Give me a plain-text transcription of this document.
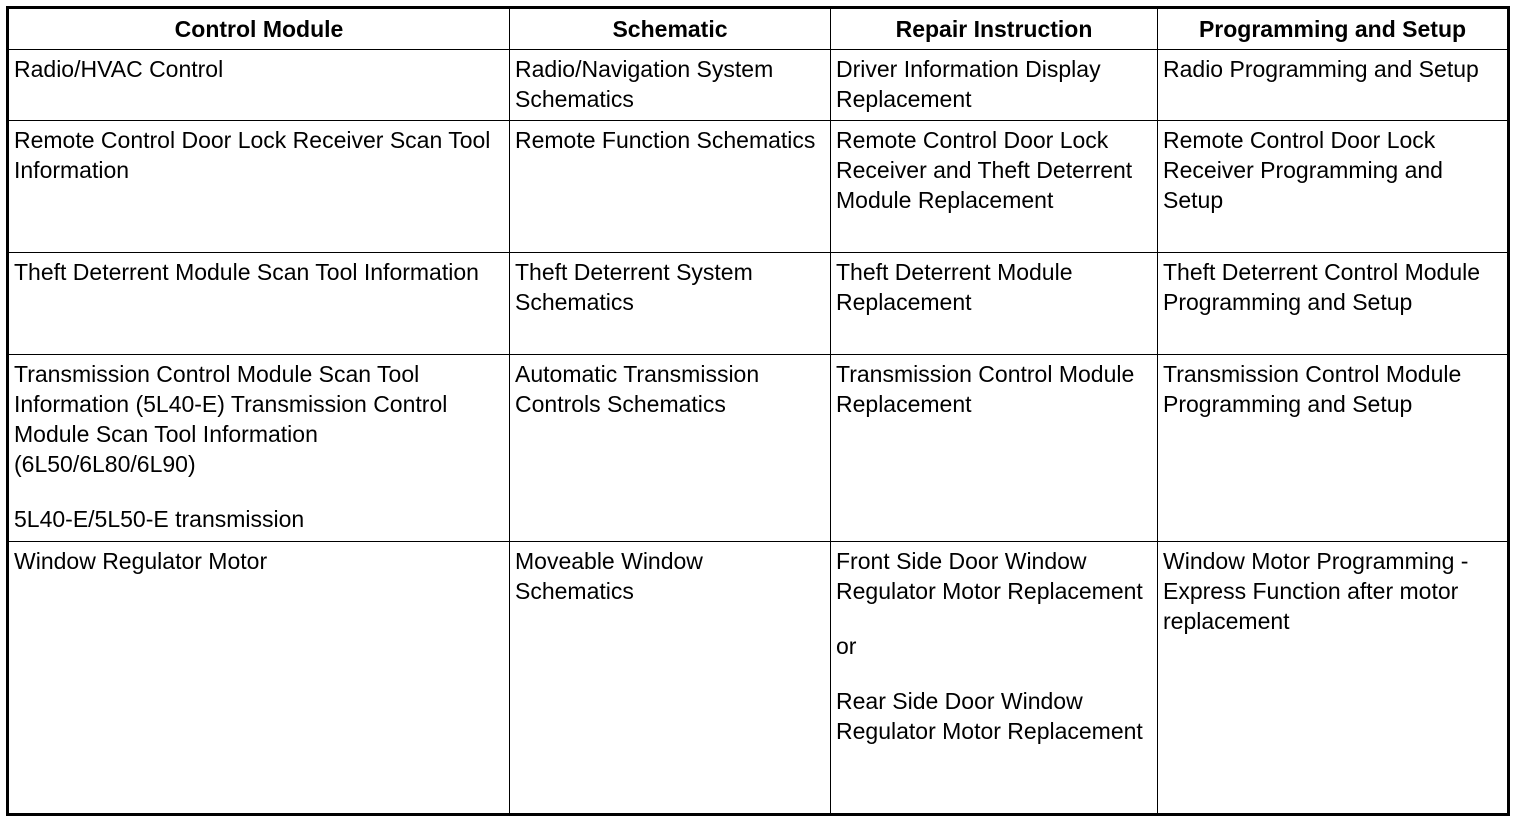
Control Module	Schematic	Repair Instruction	Programming and Setup

Radio/HVAC Control	Radio/Navigation System Schematics	Driver Information Display Replacement	Radio Programming and Setup

Remote Control Door Lock Receiver Scan Tool Information	Remote Function Schematics	Remote Control Door Lock Receiver and Theft Deterrent Module Replacement	Remote Control Door Lock Receiver Programming and Setup

Theft Deterrent Module Scan Tool Information	Theft Deterrent System Schematics	Theft Deterrent Module Replacement	Theft Deterrent Control Module Programming and Setup

Transmission Control Module Scan Tool Information (5L40-E) Transmission Control Module Scan Tool Information (6L50/6L80/6L90)
5L40-E/5L50-E transmission	Automatic Transmission Controls Schematics	Transmission Control Module Replacement	Transmission Control Module Programming and Setup

Window Regulator Motor	Moveable Window Schematics	Front Side Door Window Regulator Motor Replacement
or
Rear Side Door Window Regulator Motor Replacement	Window Motor Programming - Express Function after motor replacement
